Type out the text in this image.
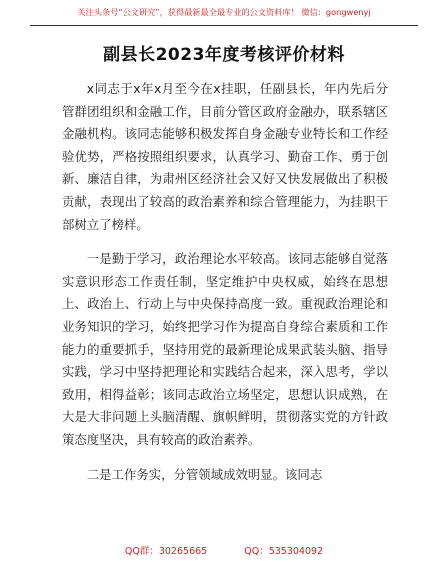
关注头条号“公文研究”，获得最新最全最专业的公文资料库！ 微信：gongwenyj
副县长2023年度考核评价材料

x同志于x年x月至今在x挂职，任副县长，年内先后分管群团组织和金融工作，目前分管区政府金融办，联系辖区金融机构。该同志能够积极发挥自身金融专业特长和工作经验优势，严格按照组织要求，认真学习、勤奋工作、勇于创新、廉洁自律，为肃州区经济社会又好又快发展做出了积极贡献，表现出了较高的政治素养和综合管理能力，为挂职干部树立了榜样。

一是勤于学习，政治理论水平较高。该同志能够自觉落实意识形态工作责任制，坚定维护中央权威，始终在思想上、政治上、行动上与中央保持高度一致。重视政治理论和业务知识的学习，始终把学习作为提高自身综合素质和工作能力的重要抓手，坚持用党的最新理论成果武装头脑、指导实践，学习中坚持把理论和实践结合起来，深入思考，学以致用，相得益彰；该同志政治立场坚定，思想认识成熟，在大是大非问题上头脑清醒、旗帜鲜明，贯彻落实党的方针政策态度坚决，具有较高的政治素养。

二是工作务实，分管领域成效明显。该同志

QQ群：30265665	QQ：535304092
